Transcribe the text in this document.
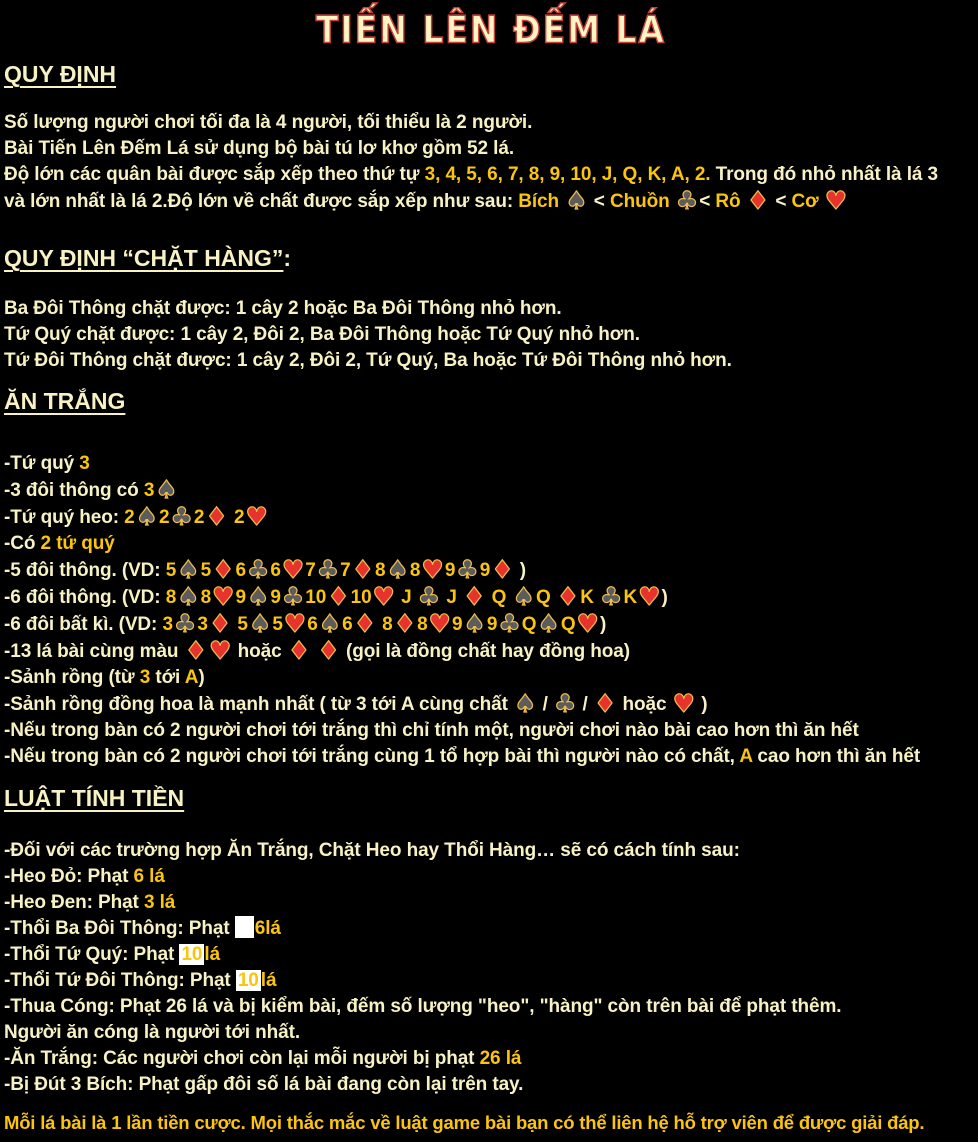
TIẾN LÊN ĐẾM LÁ
QUY ĐỊNH
Số lượng người chơi tối đa là 4 người, tối thiểu là 2 người.
Bài Tiến Lên Đếm Lá sử dụng bộ bài tú lơ khơ gồm 52 lá.
Độ lớn các quân bài được sắp xếp theo thứ tự 3, 4, 5, 6, 7, 8, 9, 10, J, Q, K, A, 2. Trong đó nhỏ nhất là lá 3
và lớn nhất là lá 2.Độ lớn về chất được sắp xếp như sau: Bích ♠ < Chuồn ♣< Rô ♦ < Cơ ♥
QUY ĐỊNH “CHẶT HÀNG”:
Ba Đôi Thông chặt được: 1 cây 2 hoặc Ba Đôi Thông nhỏ hơn.
Tứ Quý chặt được: 1 cây 2, Đôi 2, Ba Đôi Thông hoặc Tứ Quý nhỏ hơn.
Tứ Đôi Thông chặt được: 1 cây 2, Đôi 2, Tứ Quý, Ba hoặc Tứ Đôi Thông nhỏ hơn.
ĂN TRẮNG
-Tứ quý 3
-3 đôi thông có 3♠
-Tứ quý heo: 2♠2♣2♦ 2♥
-Có 2 tứ quý
-5 đôi thông. (VD: 5♠5♦6♣6♥7♣7♦8♠8♥9♣9♦ )
-6 đôi thông. (VD: 8♠8♥9♠9♣10♦10♥ J ♣ J ♦ Q ♠Q ♦K ♣K♥)
-6 đôi bất kì. (VD: 3♣3♦ 5♠5♥6♠6♦ 8♦8♥9♠9♣Q♠Q♥)
-13 lá bài cùng màu ♦♥ hoặc ♦ ♦ (gọi là đồng chất hay đồng hoa)
-Sảnh rồng (từ 3 tới A)
-Sảnh rồng đồng hoa là mạnh nhất ( từ 3 tới A cùng chất ♠ / ♣ / ♦ hoặc ♥ )
-Nếu trong bàn có 2 người chơi tới trắng thì chỉ tính một, người chơi nào bài cao hơn thì ăn hết
-Nếu trong bàn có 2 người chơi tới trắng cùng 1 tổ hợp bài thì người nào có chất, A cao hơn thì ăn hết
LUẬT TÍNH TIỀN
-Đối với các trường hợp Ăn Trắng, Chặt Heo hay Thổi Hàng… sẽ có cách tính sau:
-Heo Đỏ: Phạt 6 lá
-Heo Đen: Phạt 3 lá
-Thổi Ba Đôi Thông: Phạt 6lá
-Thổi Tứ Quý: Phạt 10 lá
-Thổi Tứ Đôi Thông: Phạt 10 lá
-Thua Cóng: Phạt 26 lá và bị kiểm bài, đếm số lượng "heo", "hàng" còn trên bài để phạt thêm.
Người ăn cóng là người tới nhất.
-Ăn Trắng: Các người chơi còn lại mỗi người bị phạt 26 lá
-Bị Đút 3 Bích: Phạt gấp đôi số lá bài đang còn lại trên tay.
Mỗi lá bài là 1 lần tiền cược. Mọi thắc mắc về luật game bài bạn có thể liên hệ hỗ trợ viên để được giải đáp.
